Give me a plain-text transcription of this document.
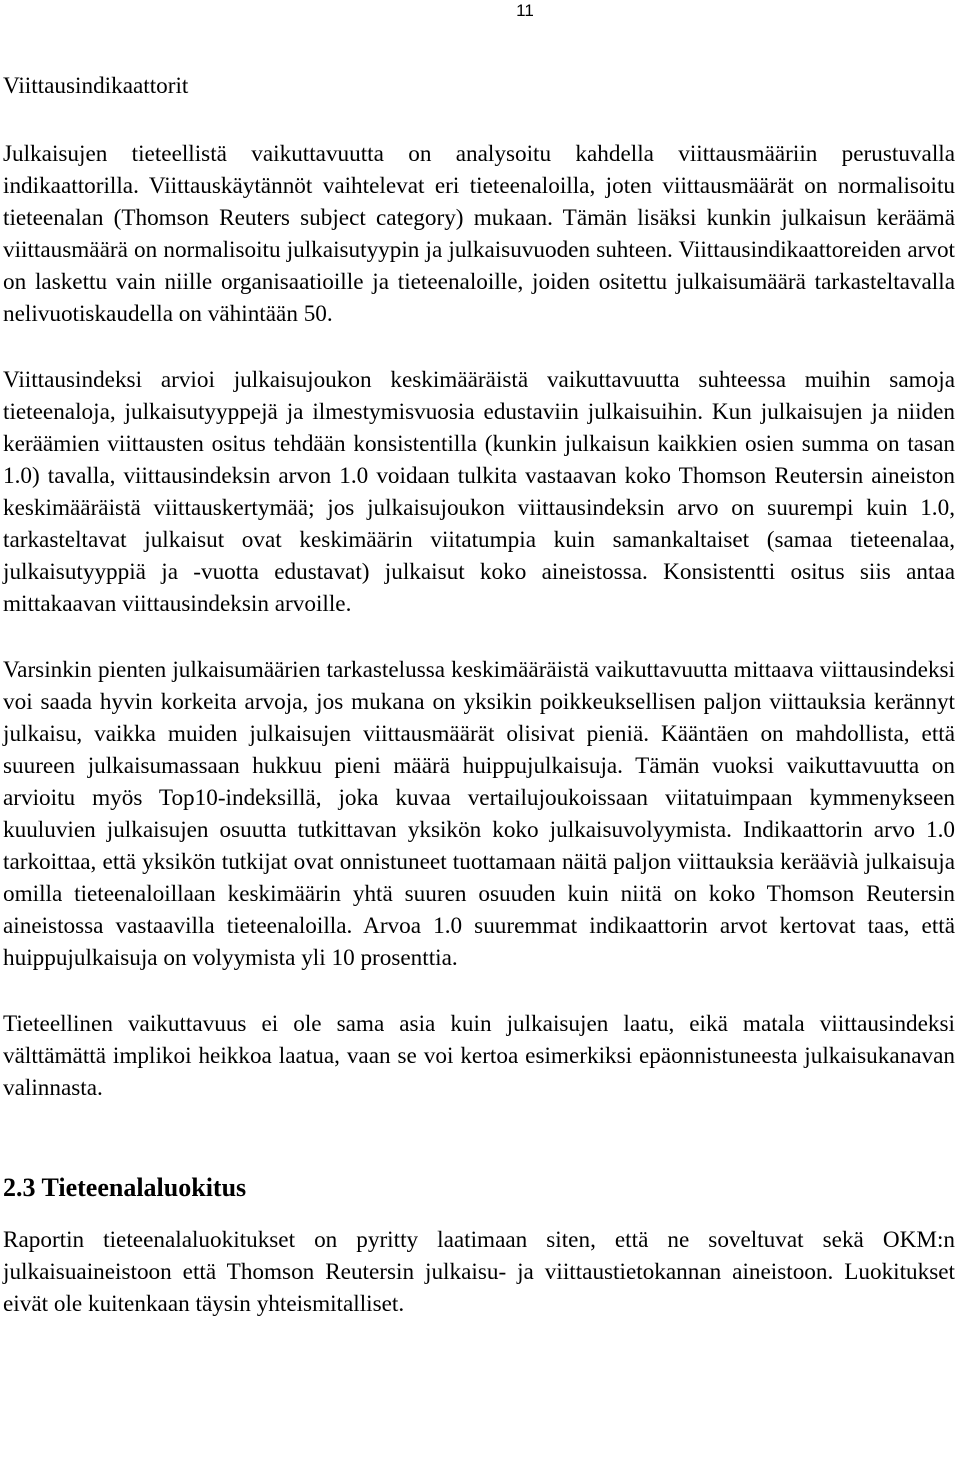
11
Viittausindikaattorit

Julkaisujen tieteellistä vaikuttavuutta on analysoitu kahdella viittausmääriin perustuvalla indikaattorilla. Viittauskäytännöt vaihtelevat eri tieteenaloilla, joten viittausmäärät on normalisoitu tieteenalan (Thomson Reuters subject category) mukaan. Tämän lisäksi kunkin julkaisun keräämä viittausmäärä on normalisoitu julkaisutyypin ja julkaisuvuoden suhteen. Viittausindikaattoreiden arvot on laskettu vain niille organisaatioille ja tieteenaloille, joiden ositettu julkaisumäärä tarkasteltavalla nelivuotiskaudella on vähintään 50.

Viittausindeksi arvioi julkaisujoukon keskimääräistä vaikuttavuutta suhteessa muihin samoja tieteenaloja, julkaisutyyppejä ja ilmestymisvuosia edustaviin julkaisuihin. Kun julkaisujen ja niiden keräämien viittausten ositus tehdään konsistentilla (kunkin julkaisun kaikkien osien summa on tasan 1.0) tavalla, viittausindeksin arvon 1.0 voidaan tulkita vastaavan koko Thomson Reutersin aineiston keskimääräistä viittauskertymää; jos julkaisujoukon viittausindeksin arvo on suurempi kuin 1.0, tarkasteltavat julkaisut ovat keskimäärin viitatumpia kuin samankaltaiset (samaa tieteenalaa, julkaisutyyppiä ja -vuotta edustavat) julkaisut koko aineistossa. Konsistentti ositus siis antaa mittakaavan viittausindeksin arvoille.

Varsinkin pienten julkaisumäärien tarkastelussa keskimääräistä vaikuttavuutta mittaava viittausindeksi voi saada hyvin korkeita arvoja, jos mukana on yksikin poikkeuksellisen paljon viittauksia kerännyt julkaisu, vaikka muiden julkaisujen viittausmäärät olisivat pieniä. Kääntäen on mahdollista, että suureen julkaisumassaan hukkuu pieni määrä huippujulkaisuja. Tämän vuoksi vaikuttavuutta on arvioitu myös Top10-indeksillä, joka kuvaa vertailujoukoissaan viitatuimpaan kymmenykseen kuuluvien julkaisujen osuutta tutkittavan yksikön koko julkaisuvolyymista. Indikaattorin arvo 1.0 tarkoittaa, että yksikön tutkijat ovat onnistuneet tuottamaan näitä paljon viittauksia keräävià julkaisuja omilla tieteenaloillaan keskimäärin yhtä suuren osuuden kuin niitä on koko Thomson Reutersin aineistossa vastaavilla tieteenaloilla. Arvoa 1.0 suuremmat indikaattorin arvot kertovat taas, että huippujulkaisuja on volyymista yli 10 prosenttia.

Tieteellinen vaikuttavuus ei ole sama asia kuin julkaisujen laatu, eikä matala viittausindeksi välttämättä implikoi heikkoa laatua, vaan se voi kertoa esimerkiksi epäonnistuneesta julkaisukanavan valinnasta.

2.3 Tieteenalaluokitus

Raportin tieteenalaluokitukset on pyritty laatimaan siten, että ne soveltuvat sekä OKM:n julkaisuaineistoon että Thomson Reutersin julkaisu- ja viittaustietokannan aineistoon. Luokitukset eivät ole kuitenkaan täysin yhteismitalliset.
